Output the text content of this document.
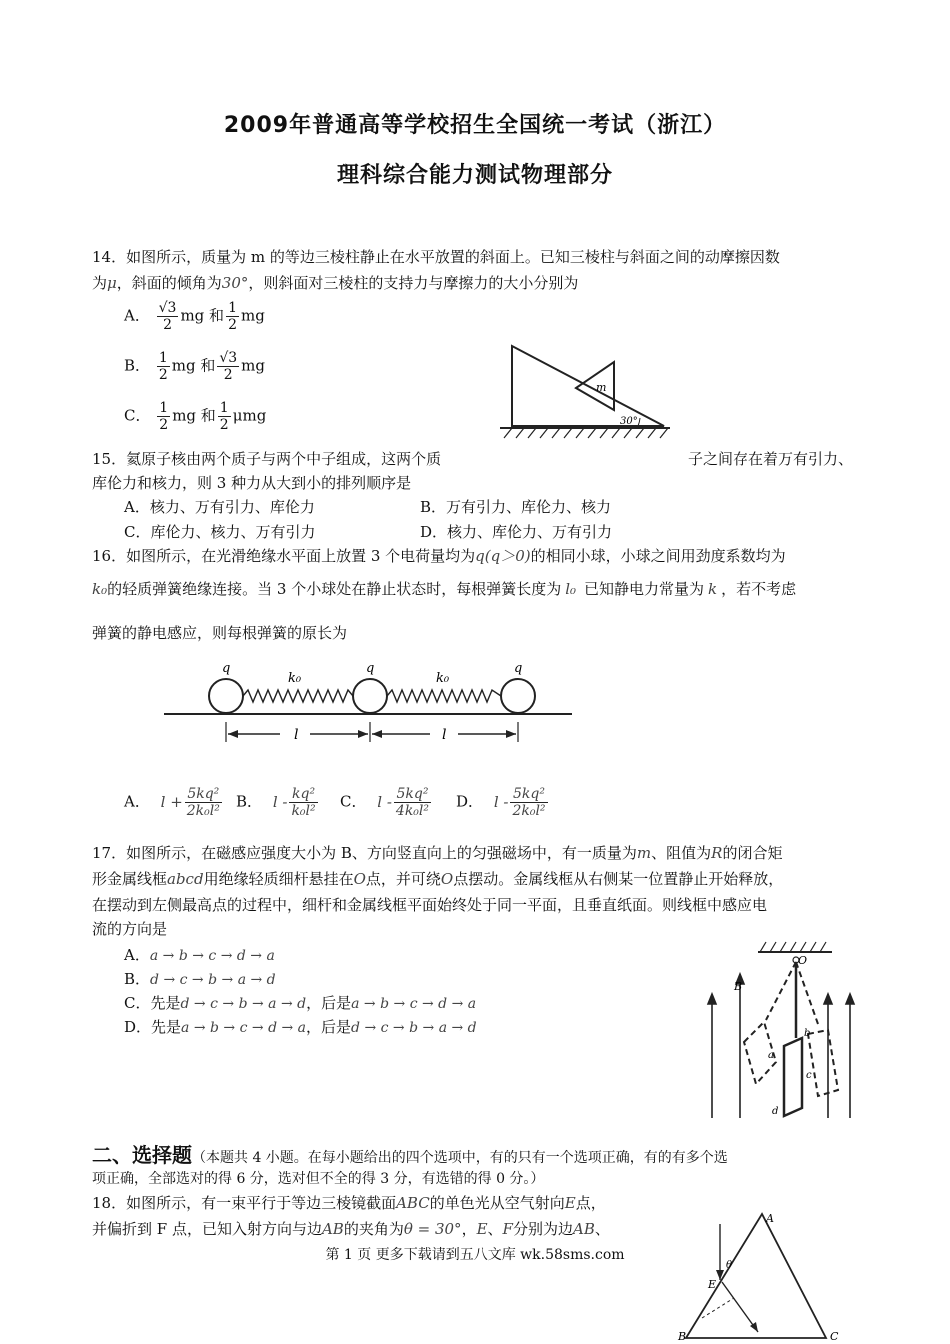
2009年普通高等学校招生全国统一考试（浙江）
理科综合能力测试物理部分
14．如图所示，质量为 m 的等边三棱柱静止在水平放置的斜面上。已知三棱柱与斜面之间的动摩擦因数
为μ，斜面的倾角为30°，则斜面对三棱柱的支持力与摩擦力的大小分别为
A． $\frac{√3}{2}$ mg 和 $\frac{1}{2}$ mg
B． $\frac{1}{2}$ mg 和 $\frac{√3}{2}$ mg
C． $\frac{1}{2}$ mg 和 $\frac{1}{2}$ μmg
m
30°
15．氦原子核由两个质子与两个中子组成，这两个质	子之间存在着万有引力、
库伦力和核力，则 3 种力从大到小的排列顺序是
A．核力、万有引力、库伦力	B．万有引力、库伦力、核力
C．库伦力、核力、万有引力	D．核力、库伦力、万有引力
16．如图所示，在光滑绝缘水平面上放置 3 个电荷量均为q(q＞0)的相同小球，小球之间用劲度系数均为
k₀的轻质弹簧绝缘连接。当 3 个小球处在静止状态时，每根弹簧长度为 l₀ 已知静电力常量为 k ，若不考虑
弹簧的静电感应，则每根弹簧的原长为
q	q	q
k₀	k₀
l	l
A． $l + \frac{\text{5kq²}}{\text{2k₀l²}}$ B． l - $\frac{\text{kq²}}{\text{k₀l²}}$ C． l - $\frac{\text{5kq²}}{\text{4k₀l²}}$ D． l - $\frac{\text{5kq²}}{\text{2k₀l²}}$
17．如图所示，在磁感应强度大小为 B、方向竖直向上的匀强磁场中，有一质量为m、阻值为R的闭合矩
形金属线框abcd用绝缘轻质细杆悬挂在O点，并可绕O点摆动。金属线框从右侧某一位置静止开始释放，
在摆动到左侧最高点的过程中，细杆和金属线框平面始终处于同一平面，且垂直纸面。则线框中感应电
流的方向是
A．a → b → c → d → a
B．d → c → b → a → d
C．先是d → c → b → a → d，后是a → b → c → d → a
D．先是a → b → c → d → a，后是d → c → b → a → d
O
B
a
b
c
d
二、选择题（本题共 4 小题。在每小题给出的四个选项中，有的只有一个选项正确，有的有多个选
项正确，全部选对的得 6 分，选对但不全的得 3 分，有选错的得 0 分。）
18．如图所示，有一束平行于等边三棱镜截面ABC的单色光从空气射向E点，
并偏折到 F 点，已知入射方向与边AB的夹角为θ = 30°，E、F分别为边AB、
A
B	C
E
θ
第 1 页 更多下载请到五八文库 wk.58sms.com
